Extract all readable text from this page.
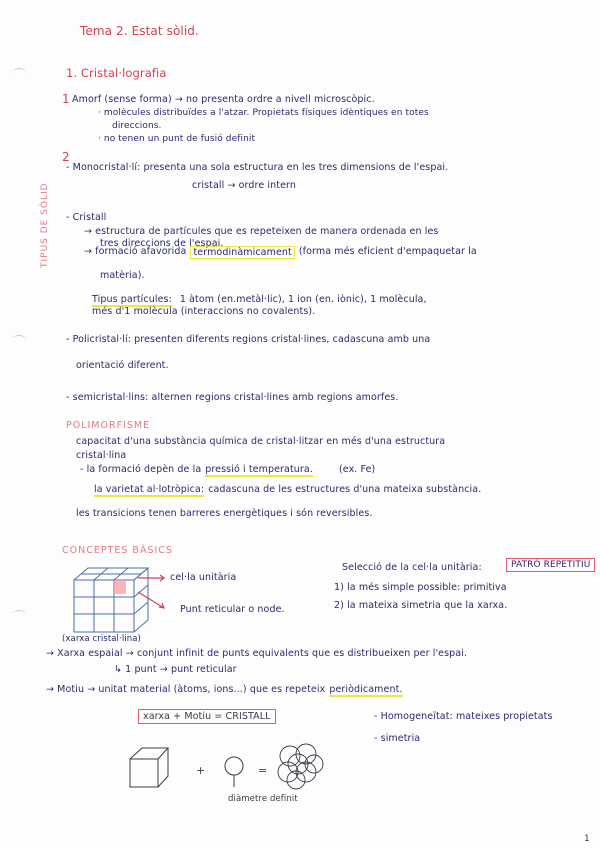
Tema 2. Estat sòlid.
TIPUS DE SÒLID
1. Cristal·lografia
1 Amorf (sense forma) → no presenta ordre a nivell microscòpic.
· molècules distribuïdes a l'atzar. Propietats físiques idèntiques en totes
direccions.
· no tenen un punt de fusió definit
2
- Monocristal·lí: presenta una sola estructura en les tres dimensions de l'espai.
cristall → ordre intern
- Cristall
→ estructura de partícules que es repeteixen de manera ordenada en les
tres direccions de l'espai.
→ formació afavorida termodinàmicament (forma més eficient d'empaquetar la
matèria).
Tipus partícules: 1 àtom (en.metàl·lic), 1 ion (en. iònic), 1 molècula,
més d'1 molècula (interaccions no covalents).
- Policristal·lí: presenten diferents regions cristal·lines, cadascuna amb una
orientació diferent.
- semicristal·lins: alternen regions cristal·lines amb regions amorfes.
POLIMORFISME
capacitat d'una substància química de cristal·litzar en més d'una estructura
cristal·lina
- la formació depèn de la pressió i temperatura.	(ex. Fe)
la varietat al·lotròpica: cadascuna de les estructures d'una mateixa substància.
les transicions tenen barreres energètiques i són reversibles.
CONCEPTES BÀSICS
cel·la unitària
Punt reticular o node.
(xarxa cristal·lina)
Selecció de la cel·la unitària:	PATRÓ REPETITIU
1) la més simple possible: primitiva
2) la mateixa simetria que la xarxa.
→ Xarxa espaial → conjunt infinit de punts equivalents que es distribueixen per l'espai.
↳ 1 punt → punt reticular
→ Motiu → unitat material (àtoms, ions...) que es repeteix periòdicament.
xarxa + Motiu = CRISTALL	- Homogeneïtat: mateixes propietats
- simetria
+	=
diàmetre definit
1
